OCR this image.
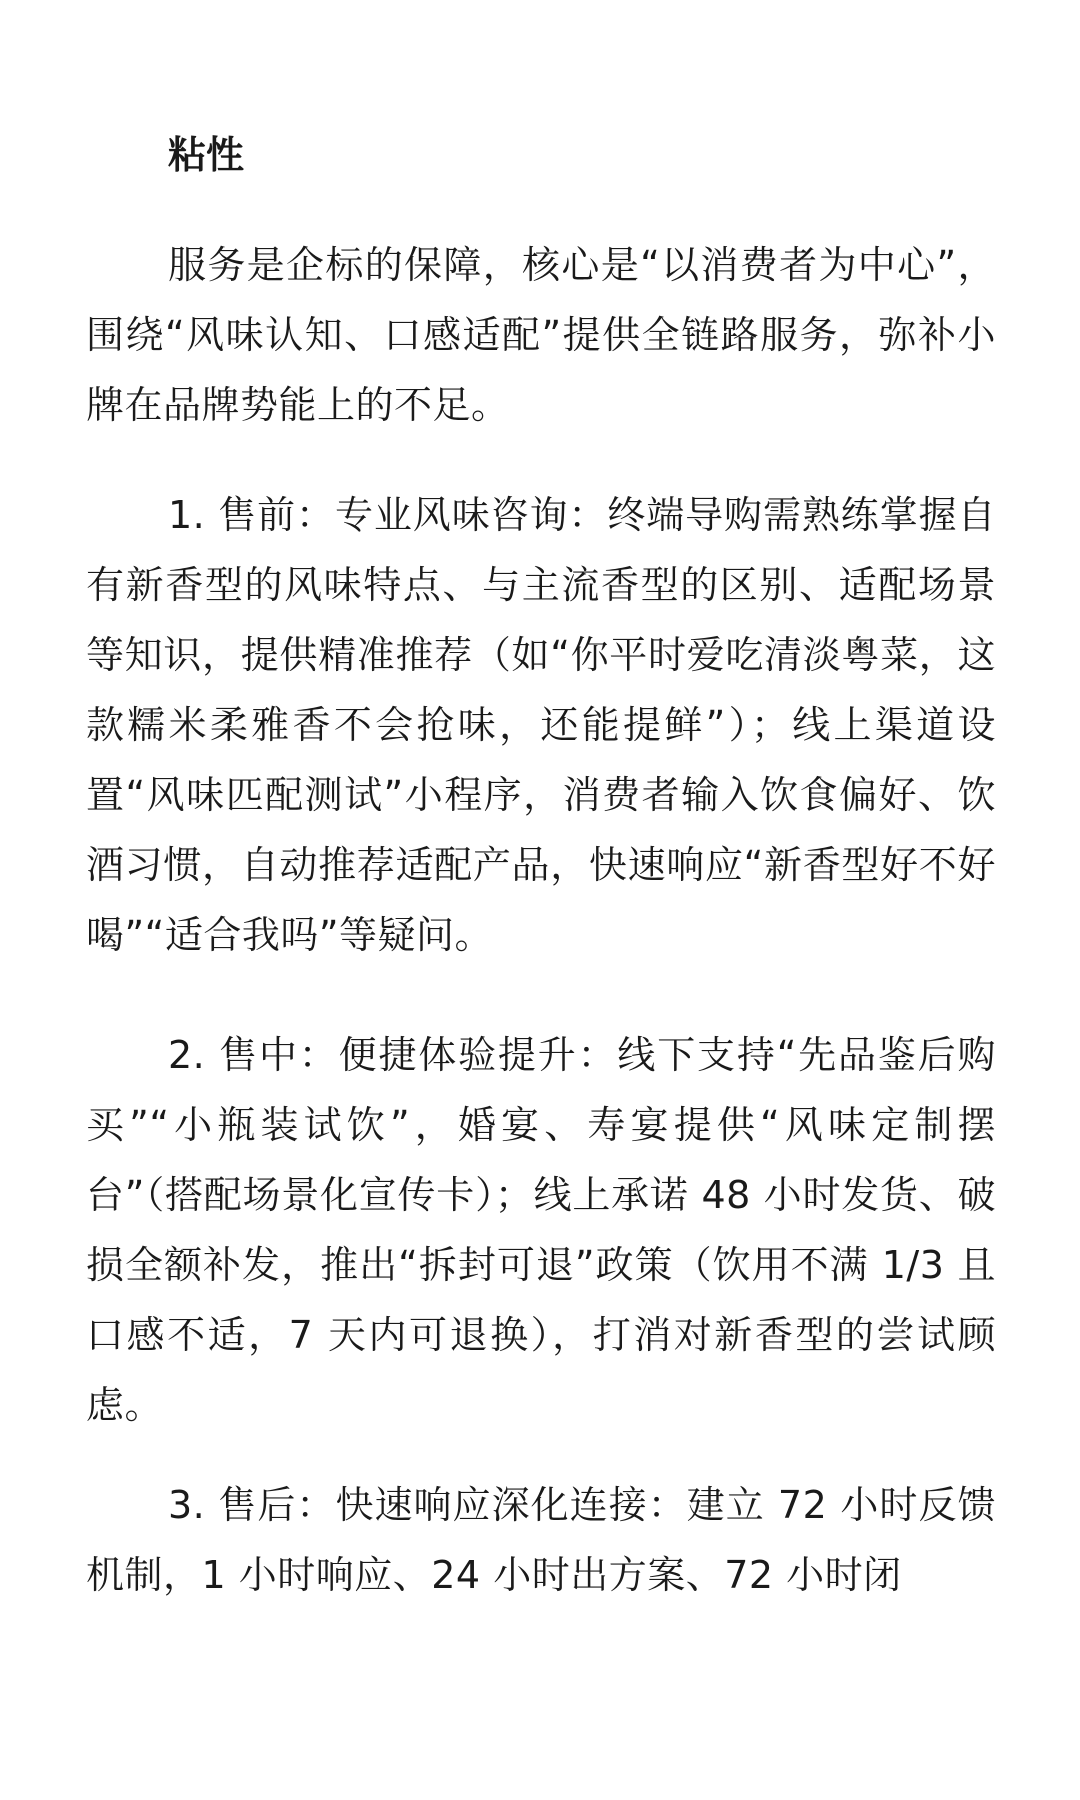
粘性

服务是企标的保障，核心是“以消费者为中心”，围绕“风味认知、口感适配”提供全链路服务，弥补小牌在品牌势能上的不足。

1. 售前：专业风味咨询：终端导购需熟练掌握自有新香型的风味特点、与主流香型的区别、适配场景等知识，提供精准推荐（如“你平时爱吃清淡粤菜，这款糯米柔雅香不会抢味，还能提鲜”）；线上渠道设置“风味匹配测试”小程序，消费者输入饮食偏好、饮酒习惯，自动推荐适配产品，快速响应“新香型好不好喝”“适合我吗”等疑问。

2. 售中：便捷体验提升：线下支持“先品鉴后购买”“小瓶装试饮”，婚宴、寿宴提供“风味定制摆台”（搭配场景化宣传卡）；线上承诺 48 小时发货、破损全额补发，推出“拆封可退”政策（饮用不满 1/3 且口感不适，7 天内可退换），打消对新香型的尝试顾虑。

3. 售后：快速响应深化连接：建立 72 小时反馈机制，1 小时响应、24 小时出方案、72 小时闭
